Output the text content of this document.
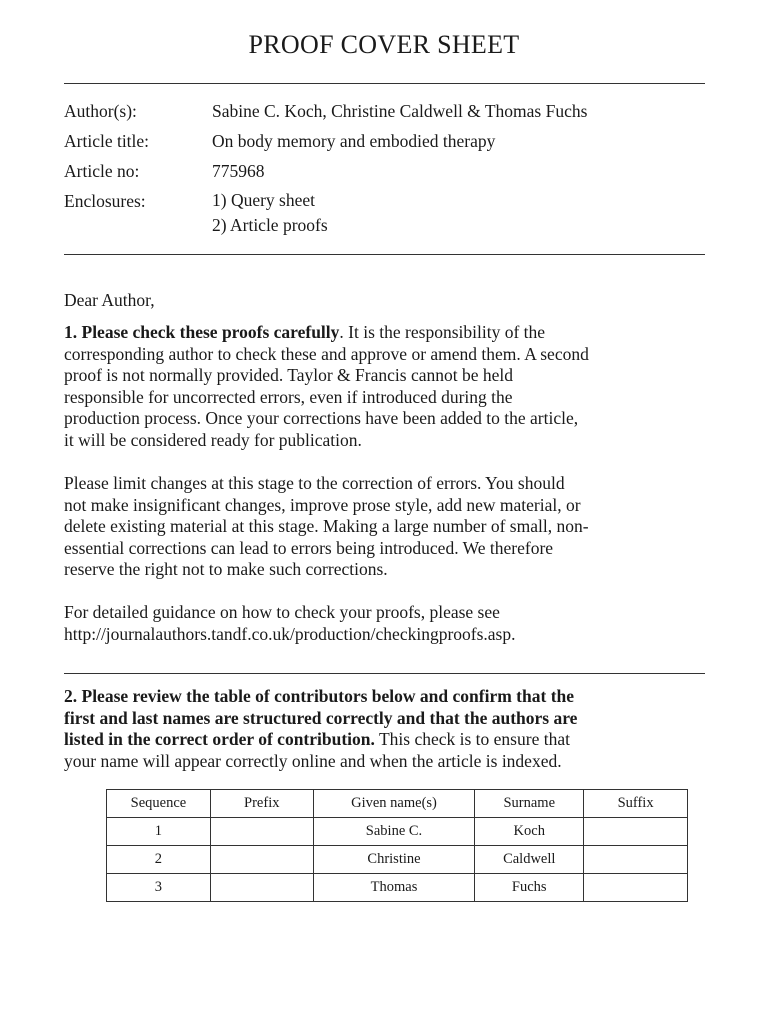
PROOF COVER SHEET
Author(s):	Sabine C. Koch, Christine Caldwell & Thomas Fuchs
Article title:	On body memory and embodied therapy
Article no:	775968
Enclosures:	1) Query sheet
2) Article proofs

Dear Author,

1. Please check these proofs carefully. It is the responsibility of the
corresponding author to check these and approve or amend them. A second
proof is not normally provided. Taylor & Francis cannot be held
responsible for uncorrected errors, even if introduced during the
production process. Once your corrections have been added to the article,
it will be considered ready for publication.
Please limit changes at this stage to the correction of errors. You should
not make insignificant changes, improve prose style, add new material, or
delete existing material at this stage. Making a large number of small, non-
essential corrections can lead to errors being introduced. We therefore
reserve the right not to make such corrections.
For detailed guidance on how to check your proofs, please see
http://journalauthors.tandf.co.uk/production/checkingproofs.asp.
2. Please review the table of contributors below and confirm that the
first and last names are structured correctly and that the authors are
listed in the correct order of contribution. This check is to ensure that
your name will appear correctly online and when the article is indexed.
Sequence	Prefix	Given name(s)	Surname	Suffix
1		Sabine C.	Koch	
2		Christine	Caldwell	
3		Thomas	Fuchs	
